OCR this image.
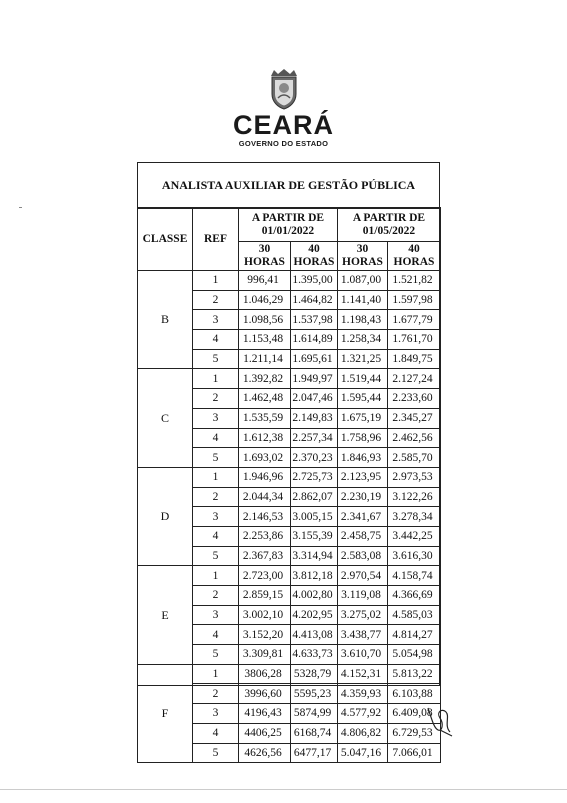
CEARÁ
GOVERNO DO ESTADO
ANALISTA AUXILIAR DE GESTÃO PÚBLICA
CLASSE	REF	A PARTIR DE 01/01/2022		A PARTIR DE 01/05/2022	
		30 HORAS	40 HORAS	30 HORAS	40 HORAS
B	1	996,41	1.395,00	1.087,00	1.521,82
	2	1.046,29	1.464,82	1.141,40	1.597,98
	3	1.098,56	1.537,98	1.198,43	1.677,79
	4	1.153,48	1.614,89	1.258,34	1.761,70
	5	1.211,14	1.695,61	1.321,25	1.849,75
C	1	1.392,82	1.949,97	1.519,44	2.127,24
	2	1.462,48	2.047,46	1.595,44	2.233,60
	3	1.535,59	2.149,83	1.675,19	2.345,27
	4	1.612,38	2.257,34	1.758,96	2.462,56
	5	1.693,02	2.370,23	1.846,93	2.585,70
D	1	1.946,96	2.725,73	2.123,95	2.973,53
	2	2.044,34	2.862,07	2.230,19	3.122,26
	3	2.146,53	3.005,15	2.341,67	3.278,34
	4	2.253,86	3.155,39	2.458,75	3.442,25
	5	2.367,83	3.314,94	2.583,08	3.616,30
E	1	2.723,00	3.812,18	2.970,54	4.158,74
	2	2.859,15	4.002,80	3.119,08	4.366,69
	3	3.002,10	4.202,95	3.275,02	4.585,03
	4	3.152,20	4.413,08	3.438,77	4.814,27
	5	3.309,81	4.633,73	3.610,70	5.054,98
F	1	3806,28	5328,79	4.152,31	5.813,22
	2	3996,60	5595,23	4.359,93	6.103,88
	3	4196,43	5874,99	4.577,92	6.409,08
	4	4406,25	6168,74	4.806,82	6.729,53
	5	4626,56	6477,17	5.047,16	7.066,01
